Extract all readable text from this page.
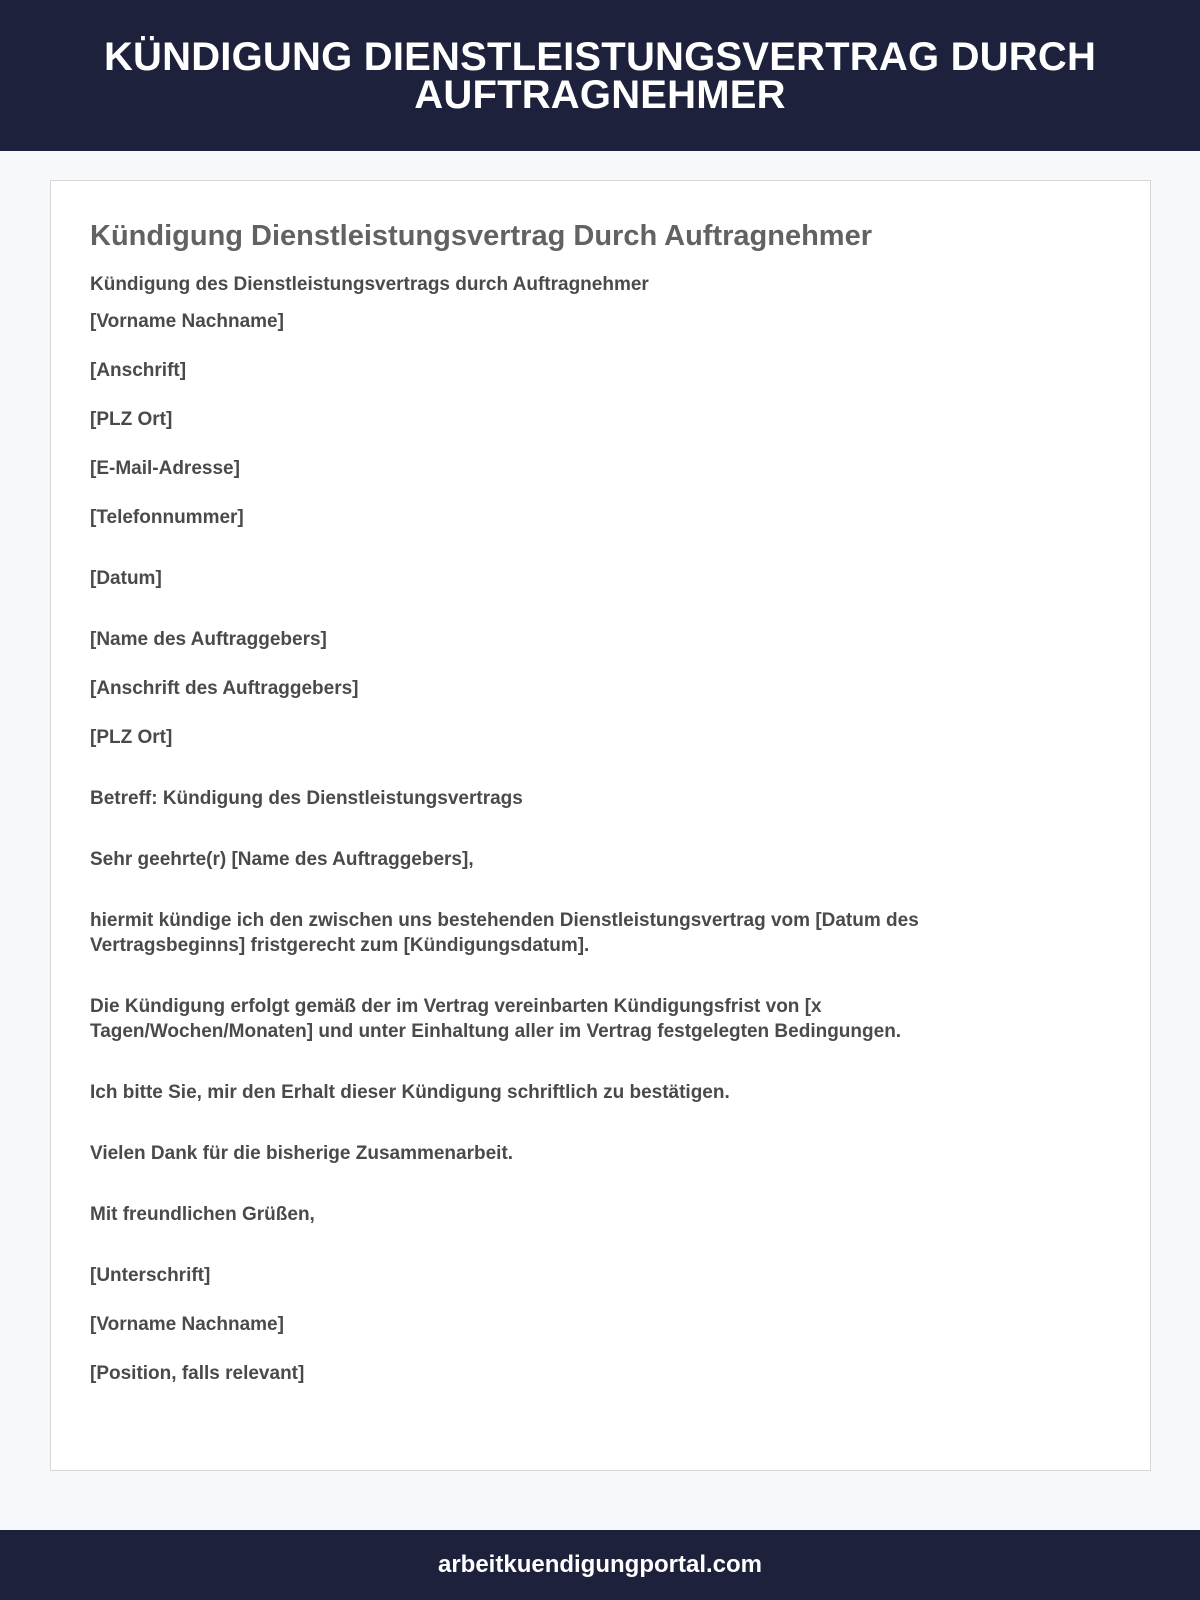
KÜNDIGUNG DIENSTLEISTUNGSVERTRAG DURCH AUFTRAGNEHMER
Kündigung Dienstleistungsvertrag Durch Auftragnehmer
Kündigung des Dienstleistungsvertrags durch Auftragnehmer
[Vorname Nachname]
[Anschrift]
[PLZ Ort]
[E-Mail-Adresse]
[Telefonnummer]
[Datum]
[Name des Auftraggebers]
[Anschrift des Auftraggebers]
[PLZ Ort]
Betreff: Kündigung des Dienstleistungsvertrags
Sehr geehrte(r) [Name des Auftraggebers],

hiermit kündige ich den zwischen uns bestehenden Dienstleistungsvertrag vom [Datum des Vertragsbeginns] fristgerecht zum [Kündigungsdatum].

Die Kündigung erfolgt gemäß der im Vertrag vereinbarten Kündigungsfrist von [x Tagen/Wochen/Monaten] und unter Einhaltung aller im Vertrag festgelegten Bedingungen.

Ich bitte Sie, mir den Erhalt dieser Kündigung schriftlich zu bestätigen.

Vielen Dank für die bisherige Zusammenarbeit.

Mit freundlichen Grüßen,
[Unterschrift]
[Vorname Nachname]
[Position, falls relevant]
arbeitkuendigungportal.com
